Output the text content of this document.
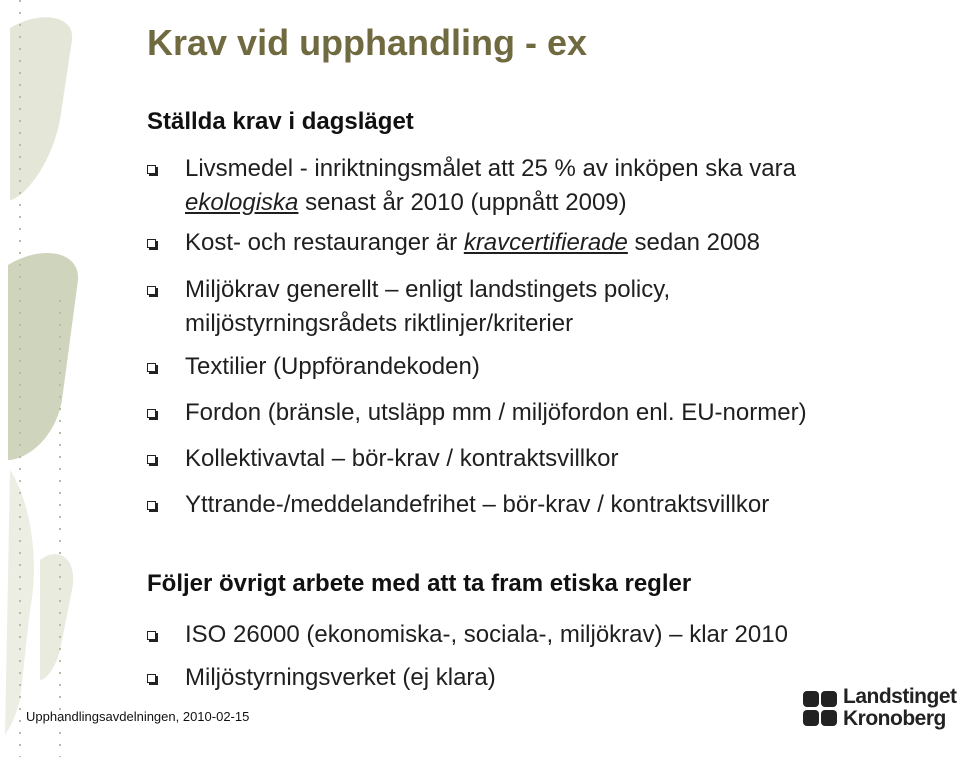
Krav vid upphandling - ex
Ställda krav i dagsläget
Livsmedel - inriktningsmålet att 25 % av inköpen ska vara
ekologiska senast år 2010 (uppnått 2009)
Kost- och restauranger är kravcertifierade sedan 2008
Miljökrav generellt – enligt landstingets policy,
miljöstyrningsrådets riktlinjer/kriterier
Textilier (Uppförandekoden)
Fordon (bränsle, utsläpp mm / miljöfordon enl. EU-normer)
Kollektivavtal – bör-krav / kontraktsvillkor
Yttrande-/meddelandefrihet – bör-krav / kontraktsvillkor
Följer övrigt arbete med att ta fram etiska regler
ISO 26000 (ekonomiska-, sociala-, miljökrav) – klar 2010
Miljöstyrningsverket (ej klara)
Upphandlingsavdelningen, 2010-02-15
Landstinget
Kronoberg
